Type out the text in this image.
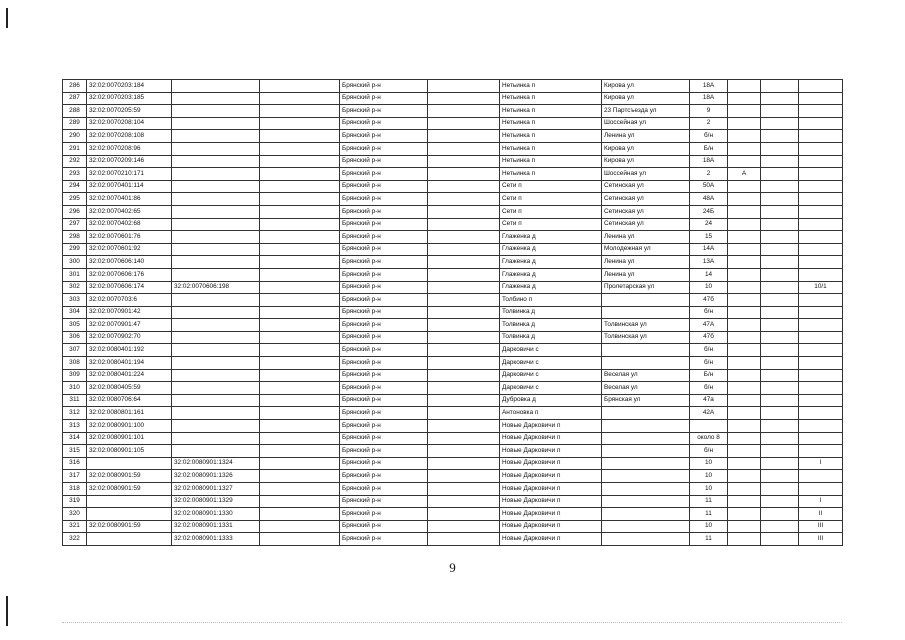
286	32:02:0070203:184			Брянский р-н		Нетьинка п	Кирова ул	18А			
287	32:02:0070203:185			Брянский р-н		Нетьинка п	Кирова ул	18А			
288	32:02:0070205:59			Брянский р-н		Нетьинка п	23 Партсъезда ул	9			
289	32:02:0070208:104			Брянский р-н		Нетьинка п	Шоссейная ул	2			
290	32:02:0070208:108			Брянский р-н		Нетьинка п	Ленина ул	б/н			
291	32:02:0070208:96			Брянский р-н		Нетьинка п	Кирова ул	Б/н			
292	32:02:0070209:146			Брянский р-н		Нетьинка п	Кирова ул	18А			
293	32:02:0070210:171			Брянский р-н		Нетьинка п	Шоссейная ул	2	А		
294	32:02:0070401:114			Брянский р-н		Сети п	Сетинская ул	50А			
295	32:02:0070401:86			Брянский р-н		Сети п	Сетинская ул	48А			
296	32:02:0070402:65			Брянский р-н		Сети п	Сетинская ул	24Б			
297	32:02:0070402:68			Брянский р-н		Сети п	Сетинская ул	24			
298	32:02:0070601:76			Брянский р-н		Глаженка д	Ленина ул	15			
299	32:02:0070601:92			Брянский р-н		Глаженка д	Молодежная ул	14А			
300	32:02:0070606:140			Брянский р-н		Глаженка д	Ленина ул	13А			
301	32:02:0070606:176			Брянский р-н		Глаженка д	Ленина ул	14			
302	32:02:0070606:174	32:02:0070606:198		Брянский р-н		Глаженка д	Пролетарская ул	10			10/1
303	32:02:0070703:6			Брянский р-н		Толбино п		47б			
304	32:02:0070901:42			Брянский р-н		Толвинка д		б/н			
305	32:02:0070901:47			Брянский р-н		Толвинка д	Толвинская ул	47А			
306	32:02:0070902:70			Брянский р-н		Толвинка д	Толвинская ул	47б			
307	32:02:0080401:192			Брянский р-н		Дарковичи с		б/н			
308	32:02:0080401:194			Брянский р-н		Дарковичи с		б/н			
309	32:02:0080401:224			Брянский р-н		Дарковичи с	Веселая ул	Б/н			
310	32:02:0080405:59			Брянский р-н		Дарковичи с	Веселая ул	б/н			
311	32:02:0080706:64			Брянский р-н		Дубровка д	Брянская ул	47а			
312	32:02:0080801:161			Брянский р-н		Антоновка п		42А			
313	32:02:0080901:100			Брянский р-н		Новые Дарковичи п					
314	32:02:0080901:101			Брянский р-н		Новые Дарковичи п		около 8			
315	32:02:0080901:105			Брянский р-н		Новые Дарковичи п		б/н			
316		32:02:0080901:1324		Брянский р-н		Новые Дарковичи п		10			I
317	32:02:0080901:59	32:02:0080901:1326		Брянский р-н		Новые Дарковичи п		10			
318	32:02:0080901:59	32:02:0080901:1327		Брянский р-н		Новые Дарковичи п		10			
319		32:02:0080901:1329		Брянский р-н		Новые Дарковичи п		11			I
320		32:02:0080901:1330		Брянский р-н		Новые Дарковичи п		11			II
321	32:02:0080901:59	32:02:0080901:1331		Брянский р-н		Новые Дарковичи п		10			III
322		32:02:0080901:1333		Брянский р-н		Новые Дарковичи п		11			III
9
